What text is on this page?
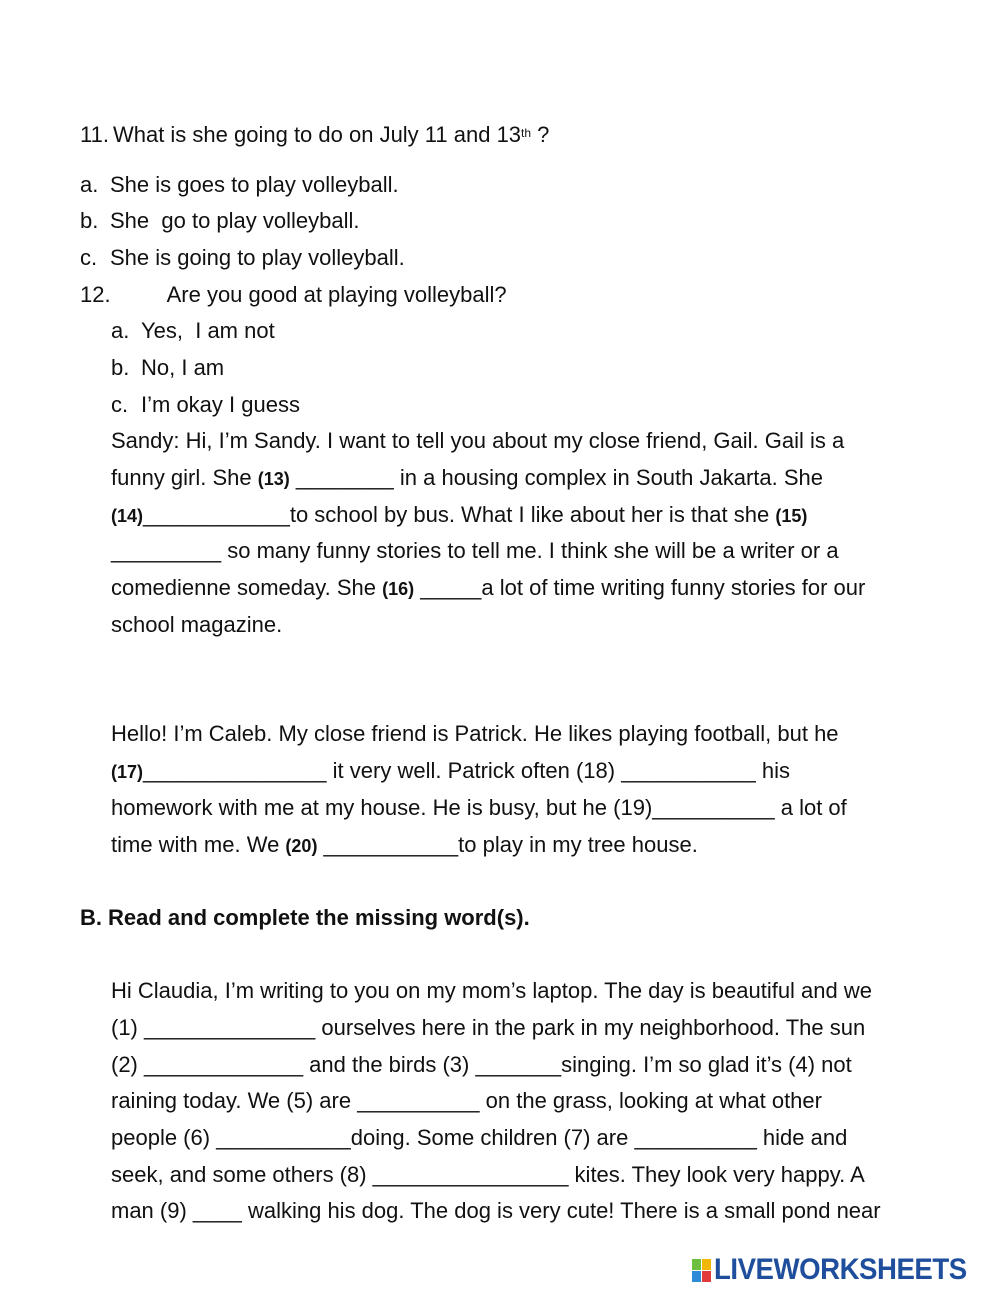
11. What is she going to do on July 11 and 13th ?
12.	Are you good at playing volleyball?
B. Read and complete the missing word(s).
LIVEWORKSHEETS
a. She is goes to play volleyball.
b. She  go to play volleyball.
c. She is going to play volleyball.
a. Yes,  I am not
b. No, I am
c. I’m okay I guess
Sandy: Hi, I’m Sandy. I want to tell you about my close friend, Gail. Gail is a
funny girl. She (13) ________ in a housing complex in South Jakarta. She
(14)____________to school by bus. What I like about her is that she (15)
_________ so many funny stories to tell me. I think she will be a writer or a
comedienne someday. She (16) _____a lot of time writing funny stories for our
school magazine.
Hello! I’m Caleb. My close friend is Patrick. He likes playing football, but he
(17)_______________ it very well. Patrick often (18) ___________ his
homework with me at my house. He is busy, but he (19)__________ a lot of
time with me. We (20) ___________to play in my tree house.
Hi Claudia, I’m writing to you on my mom’s laptop. The day is beautiful and we
(1) ______________ ourselves here in the park in my neighborhood. The sun
(2) _____________ and the birds (3) _______singing. I’m so glad it’s (4) not
raining today. We (5) are __________ on the grass, looking at what other
people (6) ___________doing. Some children (7) are __________ hide and
seek, and some others (8) ________________ kites. They look very happy. A
man (9) ____ walking his dog. The dog is very cute! There is a small pond near
